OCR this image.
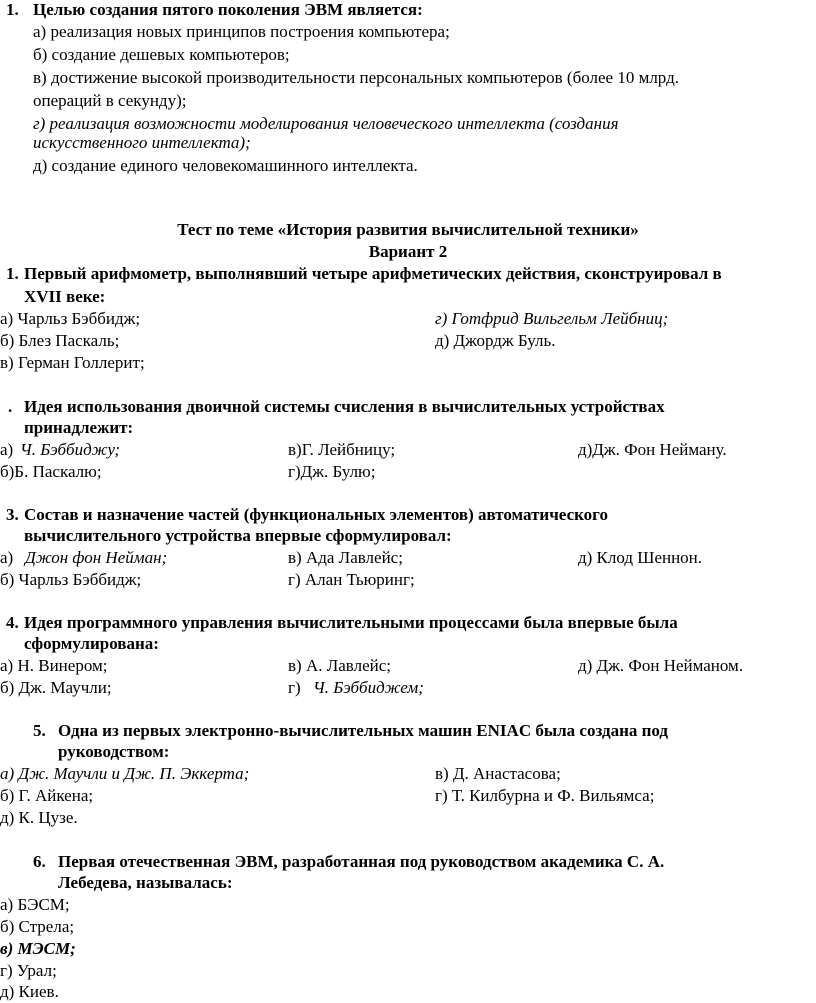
1. Целью создания пятого поколения ЭВМ является:
а) реализация новых принципов построения компьютера;
б) создание дешевых компьютеров;
в) достижение высокой производительности персональных компьютеров (более 10 млрд.
операций в секунду);
г) реализация возможности моделирования человеческого интеллекта (создания
искусственного интеллекта);
д) создание единого человекомашинного интеллекта.
Тест по теме «История развития вычислительной техники»
Вариант 2
1. Первый арифмометр, выполнявший четыре арифметических действия, сконструировал в
XVII веке:
а) Чарльз Бэббидж;	г) Готфрид Вильгельм Лейбниц;
б) Блез Паскаль;	д) Джордж Буль.
в) Герман Голлерит;
. Идея использования двоичной системы счисления в вычислительных устройствах
принадлежит:
а) Ч. Бэббиджу;	в)Г. Лейбницу;	д)Дж. Фон Нейману.
б)Б. Паскалю;	г)Дж. Булю;
3. Состав и назначение частей (функциональных элементов) автоматического
вычислительного устройства впервые сформулировал:
а) Джон фон Нейман;	в) Ада Лавлейс;	д) Клод Шеннон.
б) Чарльз Бэббидж;	г) Алан Тьюринг;
4. Идея программного управления вычислительными процессами была впервые была
сформулирована:
а) Н. Винером;	в) А. Лавлейс;	д) Дж. Фон Нейманом.
б) Дж. Маучли;	г) Ч. Бэббиджем;
5. Одна из первых электронно-вычислительных машин ENIAC была создана под
руководством:
а) Дж. Маучли и Дж. П. Эккерта;	в) Д. Анастасова;
б) Г. Айкена;	г) Т. Килбурна и Ф. Вильямса;
д) К. Цузе.
6. Первая отечественная ЭВМ, разработанная под руководством академика С. А.
Лебедева, называлась:
а) БЭСМ;
б) Стрела;
в) МЭСМ;
г) Урал;
д) Киев.
